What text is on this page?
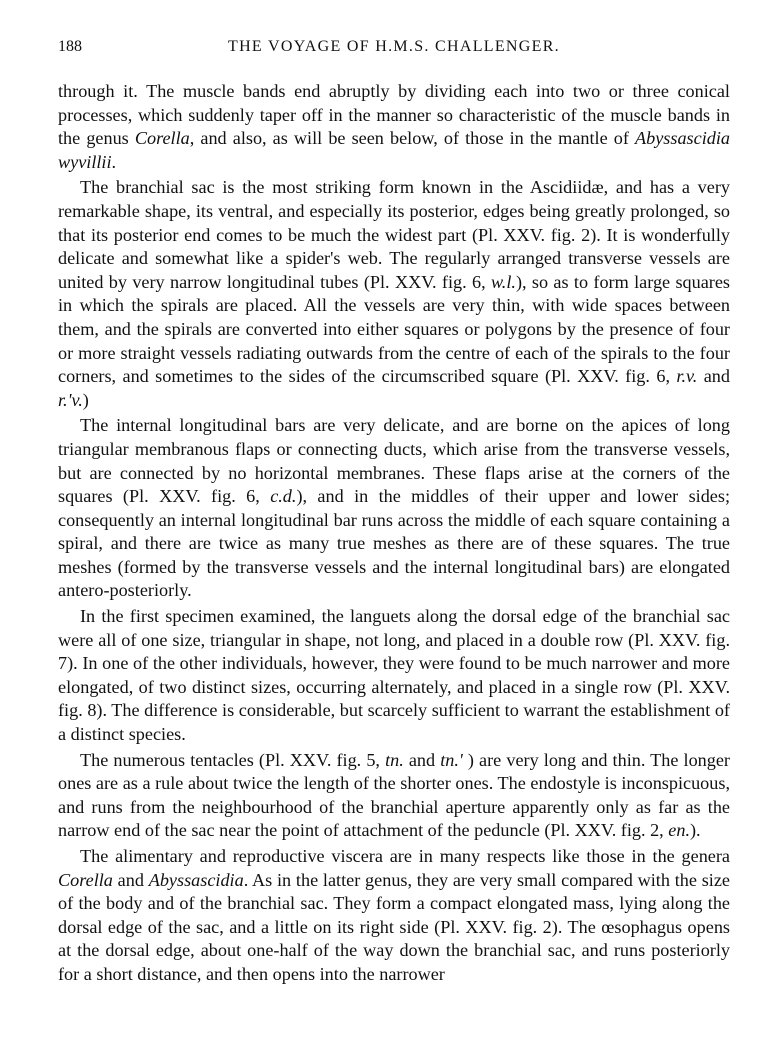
188	THE VOYAGE OF H.M.S. CHALLENGER.

through it. The muscle bands end abruptly by dividing each into two or three conical processes, which suddenly taper off in the manner so characteristic of the muscle bands in the genus Corella, and also, as will be seen below, of those in the mantle of Abyssascidia wyvillii.

The branchial sac is the most striking form known in the Ascidiidæ, and has a very remarkable shape, its ventral, and especially its posterior, edges being greatly prolonged, so that its posterior end comes to be much the widest part (Pl. XXV. fig. 2). It is wonderfully delicate and somewhat like a spider's web. The regularly arranged transverse vessels are united by very narrow longitudinal tubes (Pl. XXV. fig. 6, w.l.), so as to form large squares in which the spirals are placed. All the vessels are very thin, with wide spaces between them, and the spirals are converted into either squares or polygons by the presence of four or more straight vessels radiating outwards from the centre of each of the spirals to the four corners, and sometimes to the sides of the circumscribed square (Pl. XXV. fig. 6, r.v. and r.'v.)

The internal longitudinal bars are very delicate, and are borne on the apices of long triangular membranous flaps or connecting ducts, which arise from the transverse vessels, but are connected by no horizontal membranes. These flaps arise at the corners of the squares (Pl. XXV. fig. 6, c.d.), and in the middles of their upper and lower sides; consequently an internal longitudinal bar runs across the middle of each square containing a spiral, and there are twice as many true meshes as there are of these squares. The true meshes (formed by the transverse vessels and the internal longitudinal bars) are elongated antero-posteriorly.

In the first specimen examined, the languets along the dorsal edge of the branchial sac were all of one size, triangular in shape, not long, and placed in a double row (Pl. XXV. fig. 7). In one of the other individuals, however, they were found to be much narrower and more elongated, of two distinct sizes, occurring alternately, and placed in a single row (Pl. XXV. fig. 8). The difference is considerable, but scarcely sufficient to warrant the establishment of a distinct species.

The numerous tentacles (Pl. XXV. fig. 5, tn. and tn.' ) are very long and thin. The longer ones are as a rule about twice the length of the shorter ones. The endostyle is inconspicuous, and runs from the neighbourhood of the branchial aperture apparently only as far as the narrow end of the sac near the point of attachment of the peduncle (Pl. XXV. fig. 2, en.).

The alimentary and reproductive viscera are in many respects like those in the genera Corella and Abyssascidia. As in the latter genus, they are very small compared with the size of the body and of the branchial sac. They form a compact elongated mass, lying along the dorsal edge of the sac, and a little on its right side (Pl. XXV. fig. 2). The œsophagus opens at the dorsal edge, about one-half of the way down the branchial sac, and runs posteriorly for a short distance, and then opens into the narrower
